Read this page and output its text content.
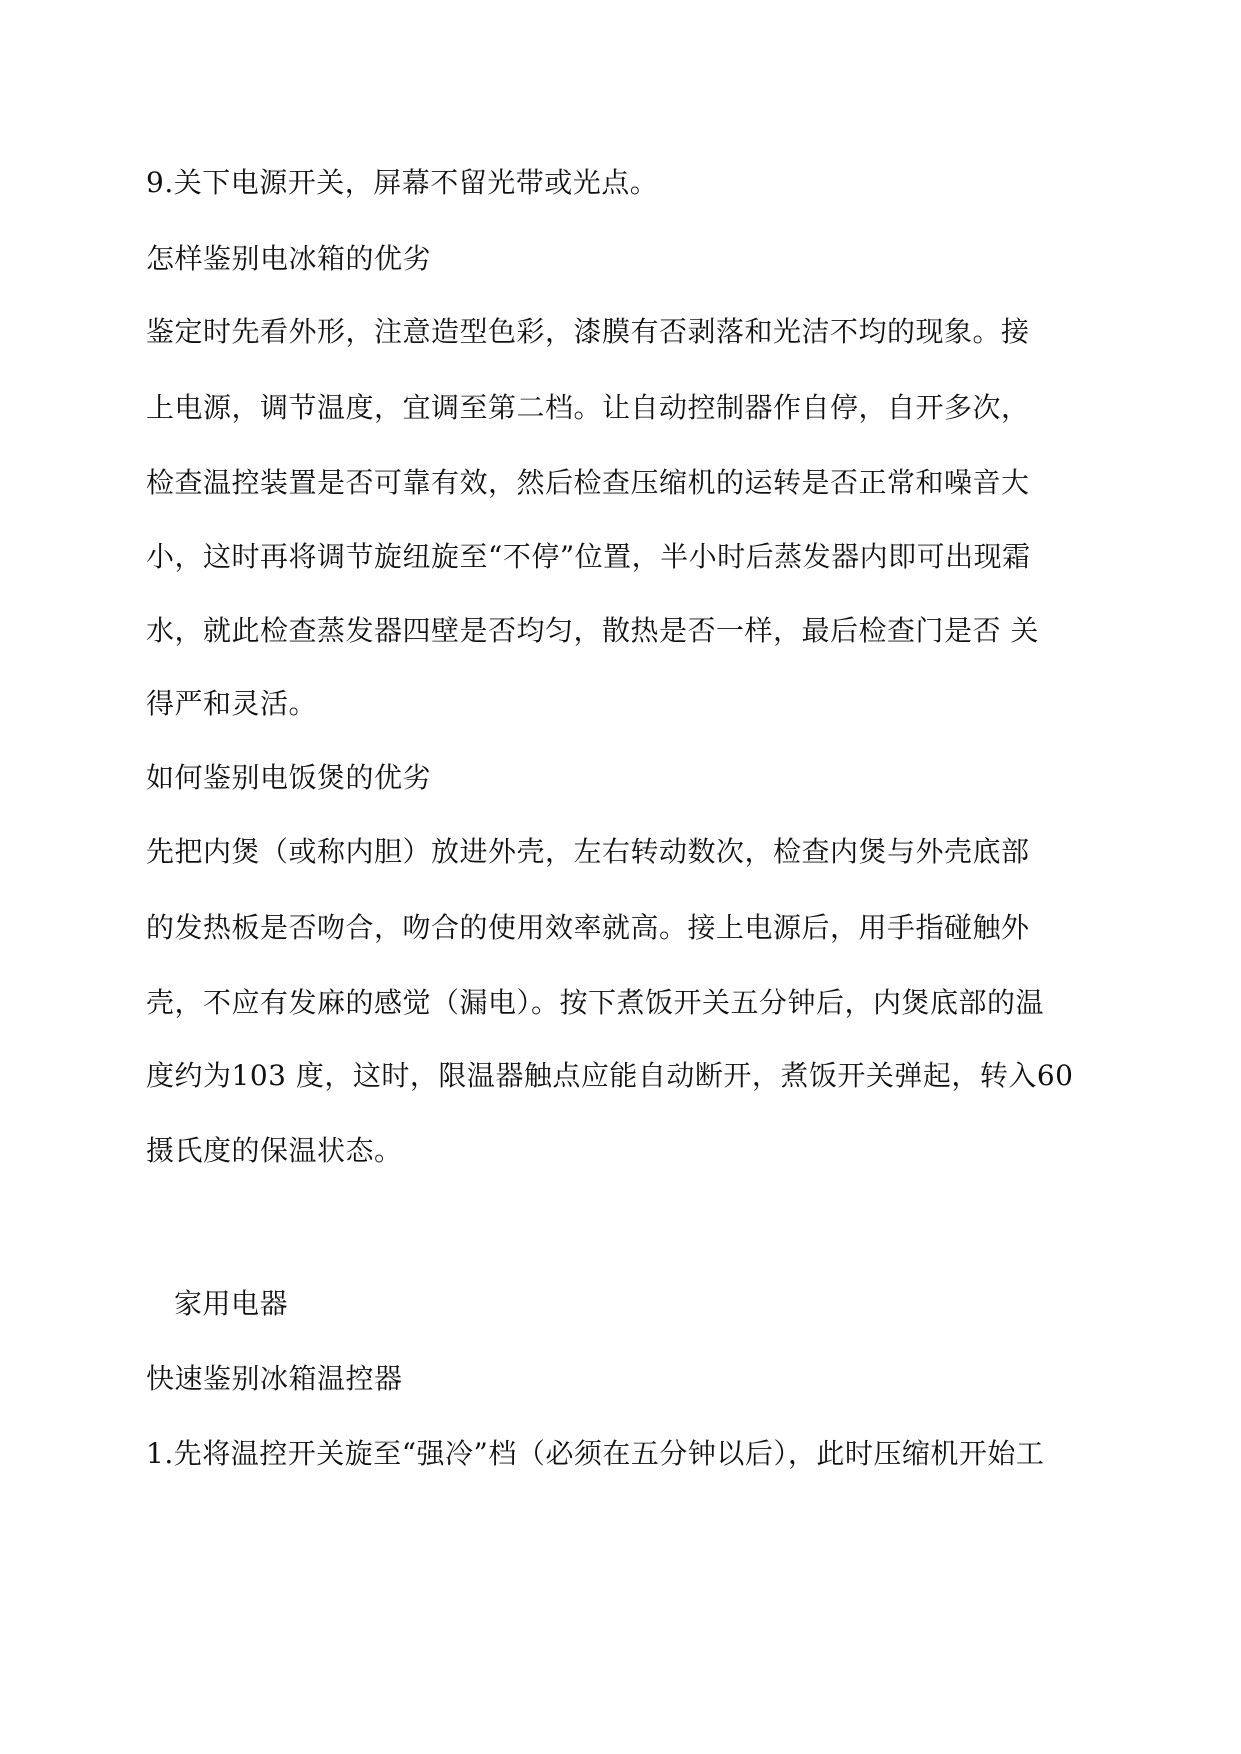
9.关下电源开关，屏幕不留光带或光点。
怎样鉴别电冰箱的优劣
鉴定时先看外形，注意造型色彩，漆膜有否剥落和光洁不均的现象。接
上电源，调节温度，宜调至第二档。让自动控制器作自停，自开多次，
检查温控装置是否可靠有效，然后检查压缩机的运转是否正常和噪音大
小，这时再将调节旋纽旋至“不停”位置，半小时后蒸发器内即可出现霜
水，就此检查蒸发器四壁是否均匀，散热是否一样，最后检查门是否 关
得严和灵活。
如何鉴别电饭煲的优劣
先把内煲（或称内胆）放进外壳，左右转动数次，检查内煲与外壳底部
的发热板是否吻合，吻合的使用效率就高。接上电源后，用手指碰触外
壳，不应有发麻的感觉（漏电）。按下煮饭开关五分钟后，内煲底部的温
度约为103 度，这时，限温器触点应能自动断开，煮饭开关弹起，转入60
摄氏度的保温状态。
家用电器
快速鉴别冰箱温控器
1.先将温控开关旋至“强冷”档（必须在五分钟以后），此时压缩机开始工
